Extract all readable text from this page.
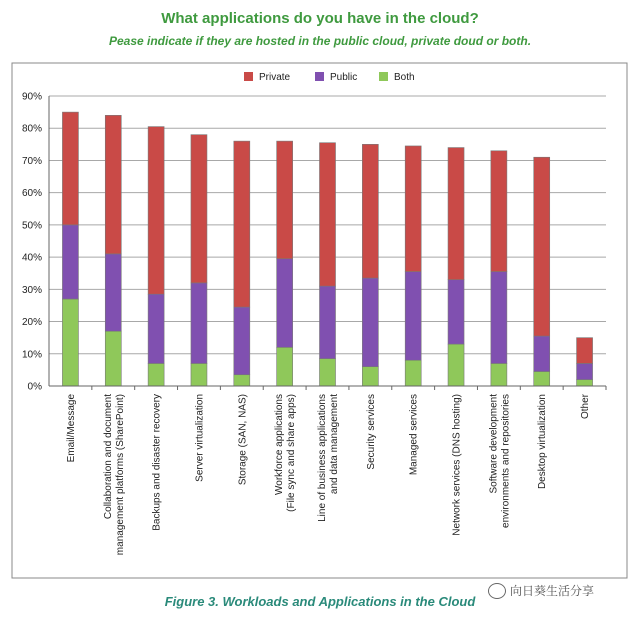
What applications do you have in the cloud?
Pease indicate if they are hosted in the public cloud, private doud or both.
Private	Public	Both
0%
10%
20%
30%
40%
50%
60%
70%
80%
90%
Email/Message	Collaboration and document management platforms (SharePoint)	Backups and disaster recovery	Server virtualization	Storage (SAN, NAS)	Workforce applications (File sync and share apps) Line of business applications and data management	Security services	Managed services	Network services (DNS hosting)	Software development environments and repositories	Desktop virtualization	Other
Figure 3. Workloads and Applications in the Cloud
向日葵生活分享
